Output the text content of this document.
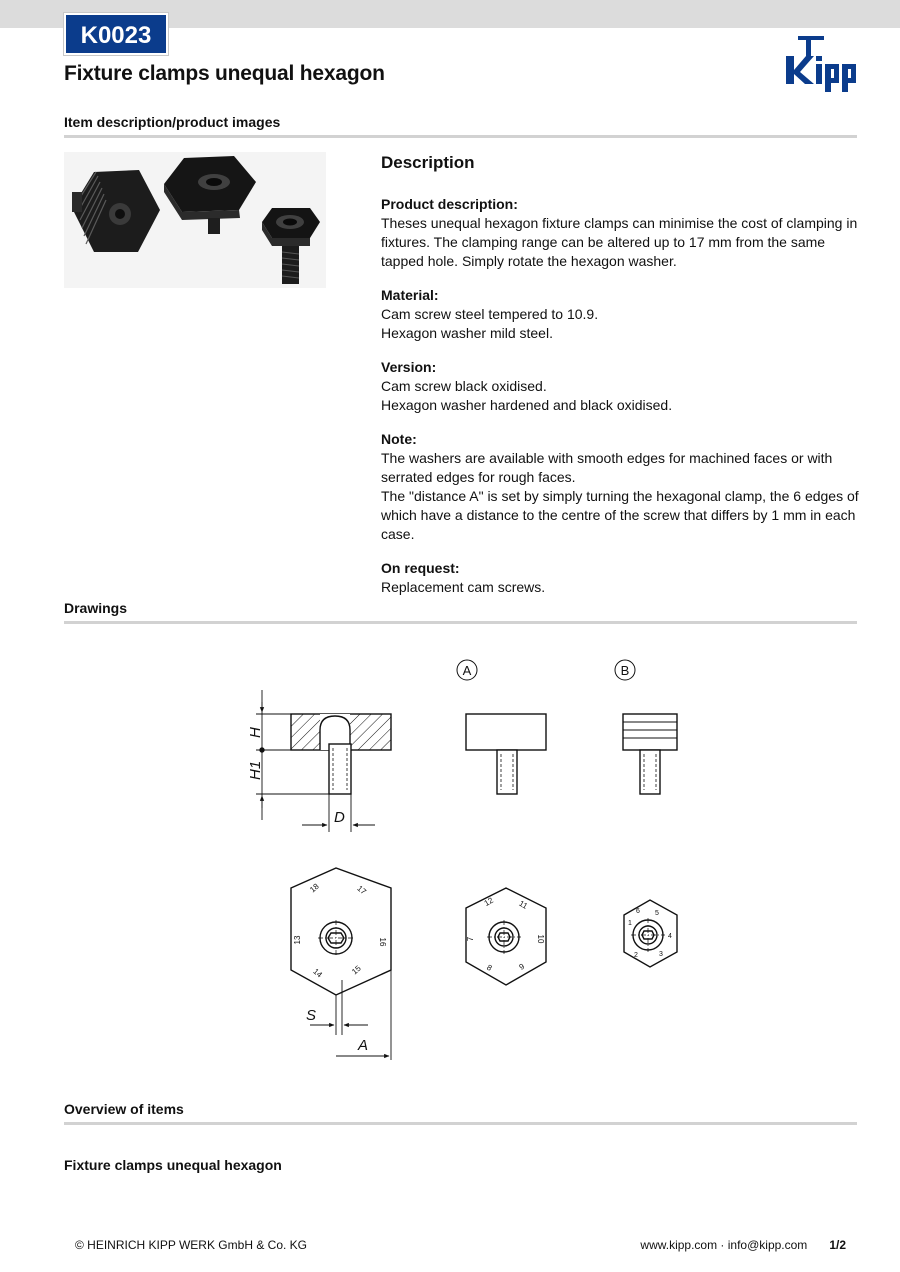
K0023
Fixture clamps unequal hexagon
Item description/product images
Description
Product description:

Theses unequal hexagon fixture clamps can minimise the cost of clamping in fixtures. The clamping range can be altered up to 17 mm from the same tapped hole. Simply rotate the hexagon washer.

Material:

Cam screw steel tempered to 10.9.

Hexagon washer mild steel.

Version:

Cam screw black oxidised.

Hexagon washer hardened and black oxidised.

Note:

The washers are available with smooth edges for machined faces or with serrated edges for rough faces.

The "distance A" is set by simply turning the hexagonal clamp, the 6 edges of which have a distance to the centre of the screw that differs by 1 mm in each case.

On request:

Replacement cam screws.

Drawings
H
H1
D
S
A
A	B
18	17
16
15
14
13
12	11
10
9
8
7
6 5
4
3
2
1
Overview of items
Fixture clamps unequal hexagon
© HEINRICH KIPP WERK GmbH & Co. KG	www.kipp.com · info@kipp.com 1/2
